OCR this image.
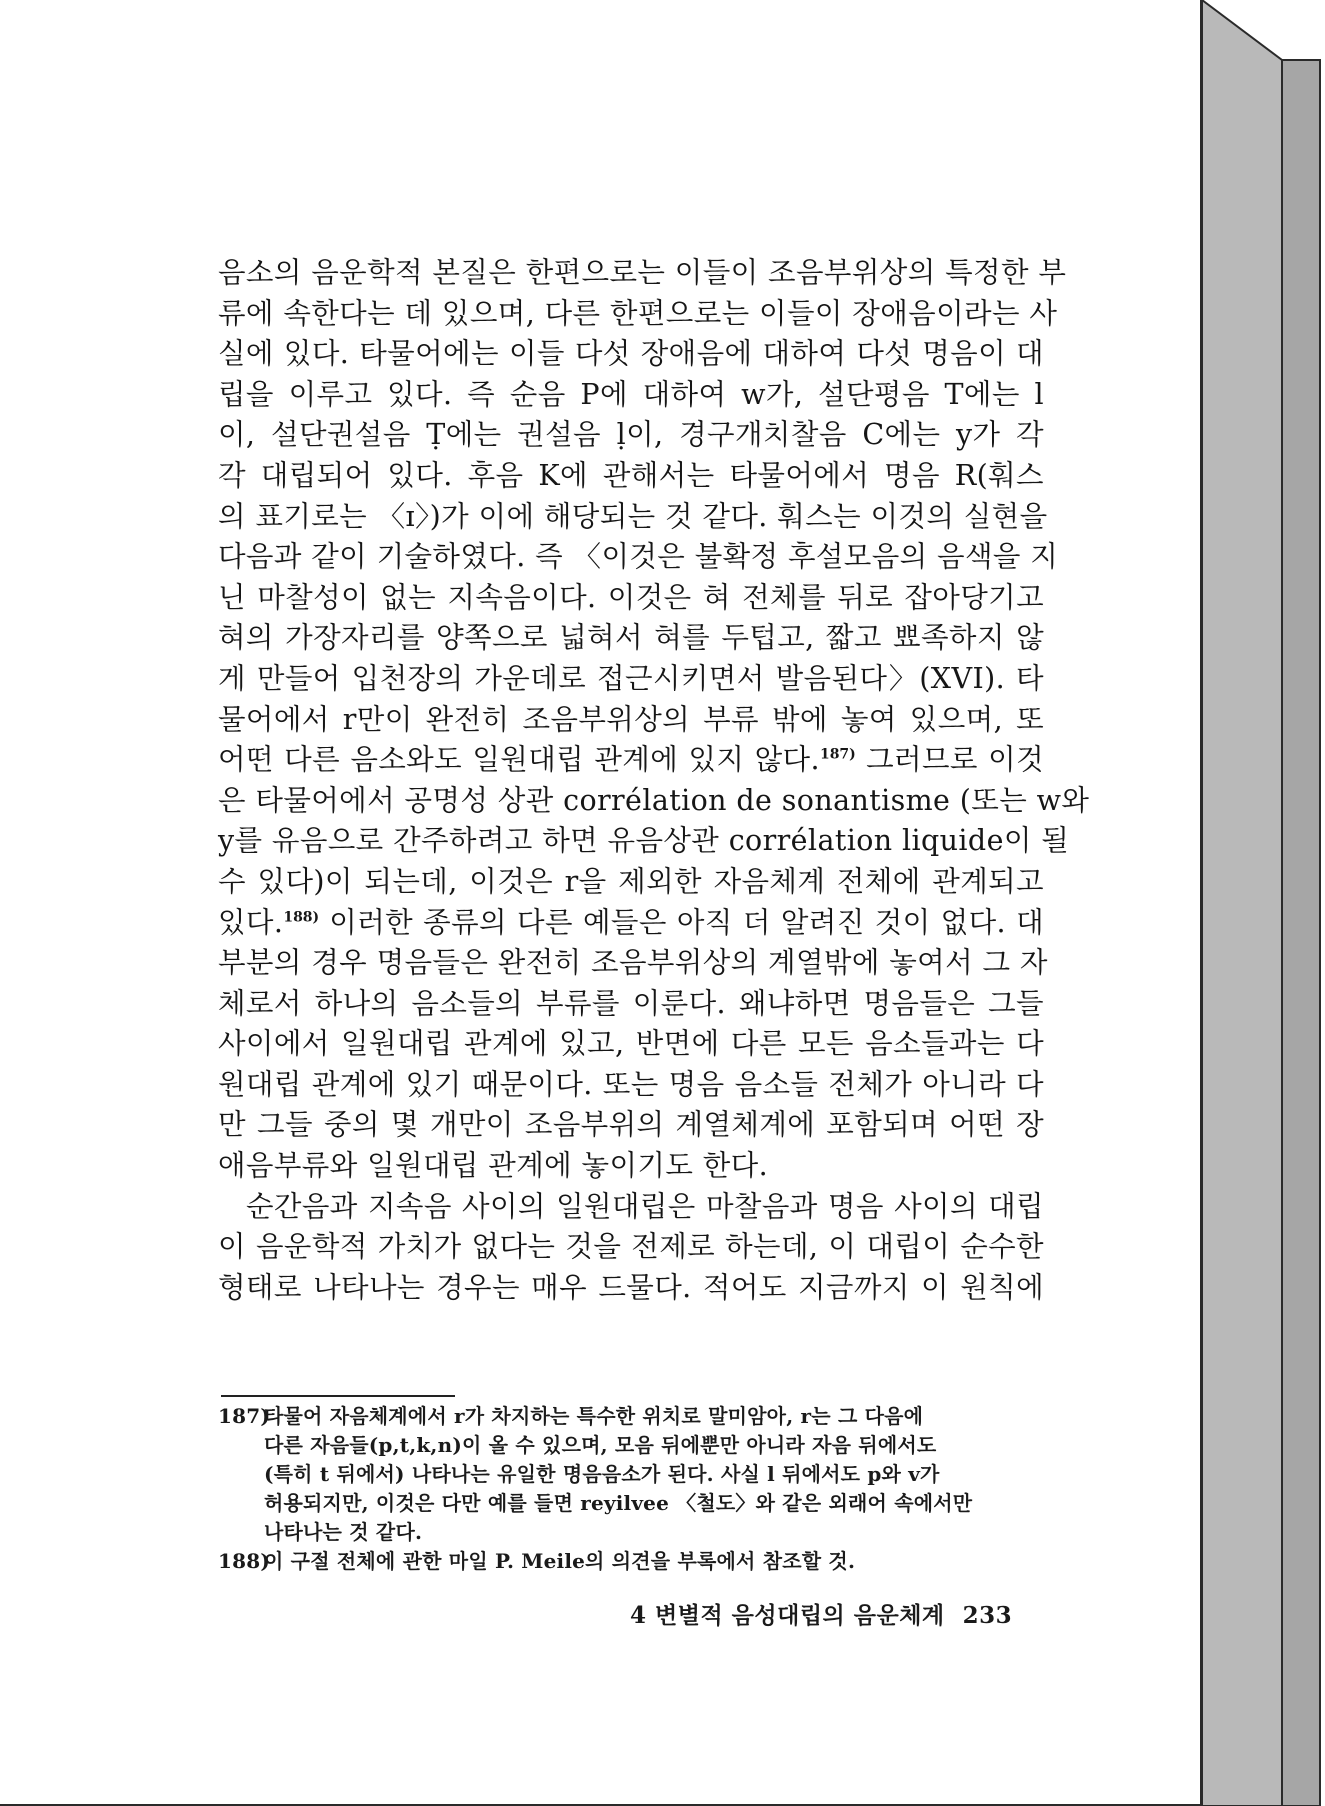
음소의 음운학적 본질은 한편으로는 이들이 조음부위상의 특정한 부
류에 속한다는 데 있으며, 다른 한편으로는 이들이 장애음이라는 사
실에 있다. 타물어에는 이들 다섯 장애음에 대하여 다섯 명음이 대
립을 이루고 있다. 즉 순음 P에 대하여 w가, 설단평음 T에는 l
이, 설단권설음 Ṭ에는 권설음 ḷ이, 경구개치찰음 C에는 y가 각
각 대립되어 있다. 후음 K에 관해서는 타물어에서 명음 R(훠스
의 표기로는 〈ɪ〉)가 이에 해당되는 것 같다. 훠스는 이것의 실현을
다음과 같이 기술하였다. 즉 〈이것은 불확정 후설모음의 음색을 지
닌 마찰성이 없는 지속음이다. 이것은 혀 전체를 뒤로 잡아당기고
혀의 가장자리를 양쪽으로 넓혀서 혀를 두텁고, 짧고 뾰족하지 않
게 만들어 입천장의 가운데로 접근시키면서 발음된다〉(XVI). 타
물어에서 r만이 완전히 조음부위상의 부류 밖에 놓여 있으며, 또
어떤 다른 음소와도 일원대립 관계에 있지 않다.$^{187)}$ 그러므로 이것
은 타물어에서 공명성 상관 corrélation de sonantisme (또는 w와
y를 유음으로 간주하려고 하면 유음상관 corrélation liquide이 될
수 있다)이 되는데, 이것은 r을 제외한 자음체계 전체에 관계되고
있다.$^{188)}$ 이러한 종류의 다른 예들은 아직 더 알려진 것이 없다. 대
부분의 경우 명음들은 완전히 조음부위상의 계열밖에 놓여서 그 자
체로서 하나의 음소들의 부류를 이룬다. 왜냐하면 명음들은 그들
사이에서 일원대립 관계에 있고, 반면에 다른 모든 음소들과는 다
원대립 관계에 있기 때문이다. 또는 명음 음소들 전체가 아니라 다
만 그들 중의 몇 개만이 조음부위의 계열체계에 포함되며 어떤 장
애음부류와 일원대립 관계에 놓이기도 한다.
순간음과 지속음 사이의 일원대립은 마찰음과 명음 사이의 대립
이 음운학적 가치가 없다는 것을 전제로 하는데, 이 대립이 순수한
형태로 나타나는 경우는 매우 드물다. 적어도 지금까지 이 원칙에
187)타물어 자음체계에서 r가 차지하는 특수한 위치로 말미암아, r는 그 다음에
다른 자음들(p,t,k,n)이 올 수 있으며, 모음 뒤에뿐만 아니라 자음 뒤에서도
(특히 t 뒤에서) 나타나는 유일한 명음음소가 된다. 사실 l 뒤에서도 p와 v가
허용되지만, 이것은 다만 예를 들면 reyilvee 〈철도〉와 같은 외래어 속에서만
나타나는 것 같다.
188)이 구절 전체에 관한 마일 P. Meile의 의견을 부록에서 참조할 것.
4 변별적 음성대립의 음운체계 233
